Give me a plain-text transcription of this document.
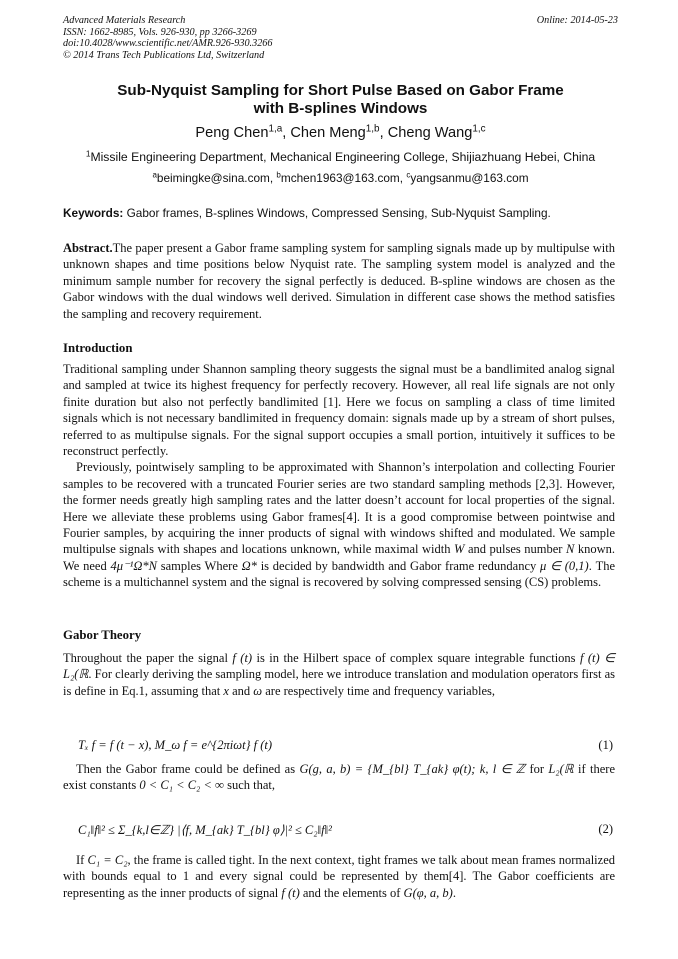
Advanced Materials Research
ISSN: 1662-8985, Vols. 926-930, pp 3266-3269
doi:10.4028/www.scientific.net/AMR.926-930.3266
© 2014 Trans Tech Publications Ltd, Switzerland
Online: 2014-05-23
Sub-Nyquist Sampling for Short Pulse Based on Gabor Frame
with B-splines Windows
Peng Chen$^{1,a}$, Chen Meng$^{1,b}$, Cheng Wang$^{1,c}$
$^1$Missile Engineering Department, Mechanical Engineering College, Shijiazhuang Hebei, China
$^a$beimingke@sina.com, $^b$mchen1963@163.com, $^c$yangsanmu@163.com
Keywords: Gabor frames, B-splines Windows, Compressed Sensing, Sub-Nyquist Sampling.
Abstract.The paper present a Gabor frame sampling system for sampling signals made up by multipulse with unknown shapes and time positions below Nyquist rate. The sampling system model is analyzed and the minimum sample number for recovery the signal perfectly is deduced. B-spline windows are chosen as the Gabor windows with the dual windows well derived. Simulation in different case shows the method satisfies the sampling and recovery requirement.
Introduction
Traditional sampling under Shannon sampling theory suggests the signal must be a bandlimited analog signal and sampled at twice its highest frequency for perfectly recovery. However, all real life signals are not only finite duration but also not perfectly bandlimited [1]. Here we focus on sampling a class of time limited signals which is not necessary bandlimited in frequency domain: signals made up by a stream of short pulses, referred to as multipulse signals. For the signal support occupies a small portion, intuitively it suffices to be reconstruct perfectly.
Previously, pointwisely sampling to be approximated with Shannon’s interpolation and collecting Fourier samples to be recovered with a truncated Fourier series are two standard sampling methods [2,3]. However, the former needs greatly high sampling rates and the latter doesn’t account for local properties of the signal. Here we alleviate these problems using Gabor frames[4]. It is a good compromise between pointwise and Fourier samples, by acquiring the inner products of signal with windows shifted and modulated. We sample multipulse signals with shapes and locations unknown, while maximal width W and pulses number N known. We need 4μ⁻¹Ω*N samples Where Ω* is decided by bandwidth and Gabor frame redundancy μ ∈ (0,1). The scheme is a multichannel system and the signal is recovered by solving compressed sensing (CS) problems.
Gabor Theory
Throughout the paper the signal f (t) is in the Hilbert space of complex square integrable functions f (t) ∈ L₂(ℝ. For clearly deriving the sampling model, here we introduce translation and modulation operators first as is define in Eq.1, assuming that x and ω are respectively time and frequency variables,
Tₓ f = f (t − x), M_ω f = e^{2πiωt} f (t)	(1)
Then the Gabor frame could be defined as G(g, a, b) = {M_{bl} T_{ak} φ(t); k, l ∈ ℤ for L₂(ℝ if there exist constants 0 < C₁ < C₂ < ∞ such that,
C₁‖f‖² ≤ Σ_{k,l∈ℤ} |⟨f, M_{ak} T_{bl} φ⟩|² ≤ C₂‖f‖²	(2)
If C₁ = C₂, the frame is called tight. In the next context, tight frames we talk about mean frames normalized with bounds equal to 1 and every signal could be represented by them[4]. The Gabor coefficients are representing as the inner products of signal f (t) and the elements of G(φ, a, b).
